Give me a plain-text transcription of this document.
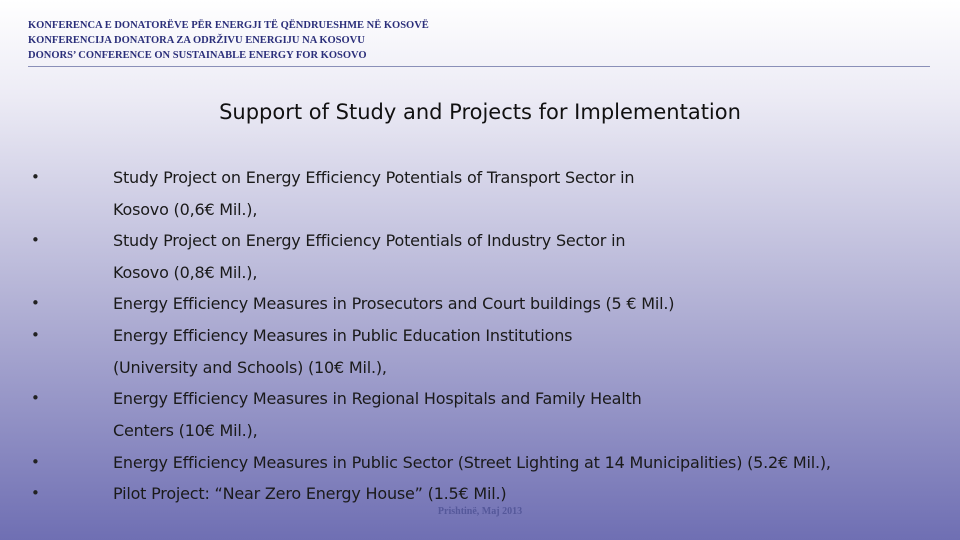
KONFERENCA E DONATORËVE PËR ENERGJI TË QËNDRUESHME NË KOSOVË
KONFERENCIJA DONATORA ZA ODRŽIVU ENERGIJU NA KOSOVU
DONORS’ CONFERENCE ON SUSTAINABLE ENERGY FOR KOSOVO
Support of Study and Projects for Implementation
•	Study Project on Energy Efficiency Potentials of Transport Sector in
Kosovo (0,6€ Mil.),
•	Study Project on Energy Efficiency Potentials of Industry Sector in
Kosovo (0,8€ Mil.),
•	Energy Efficiency Measures in Prosecutors and Court buildings (5 € Mil.)
•	Energy Efficiency Measures in Public Education Institutions
(University and Schools) (10€ Mil.),
•	Energy Efficiency Measures in Regional Hospitals and Family Health
Centers (10€ Mil.),
•	Energy Efficiency Measures in Public Sector (Street Lighting at 14 Municipalities) (5.2€ Mil.),
•	Pilot Project: “Near Zero Energy House” (1.5€ Mil.)
Prishtinë, Maj 2013
